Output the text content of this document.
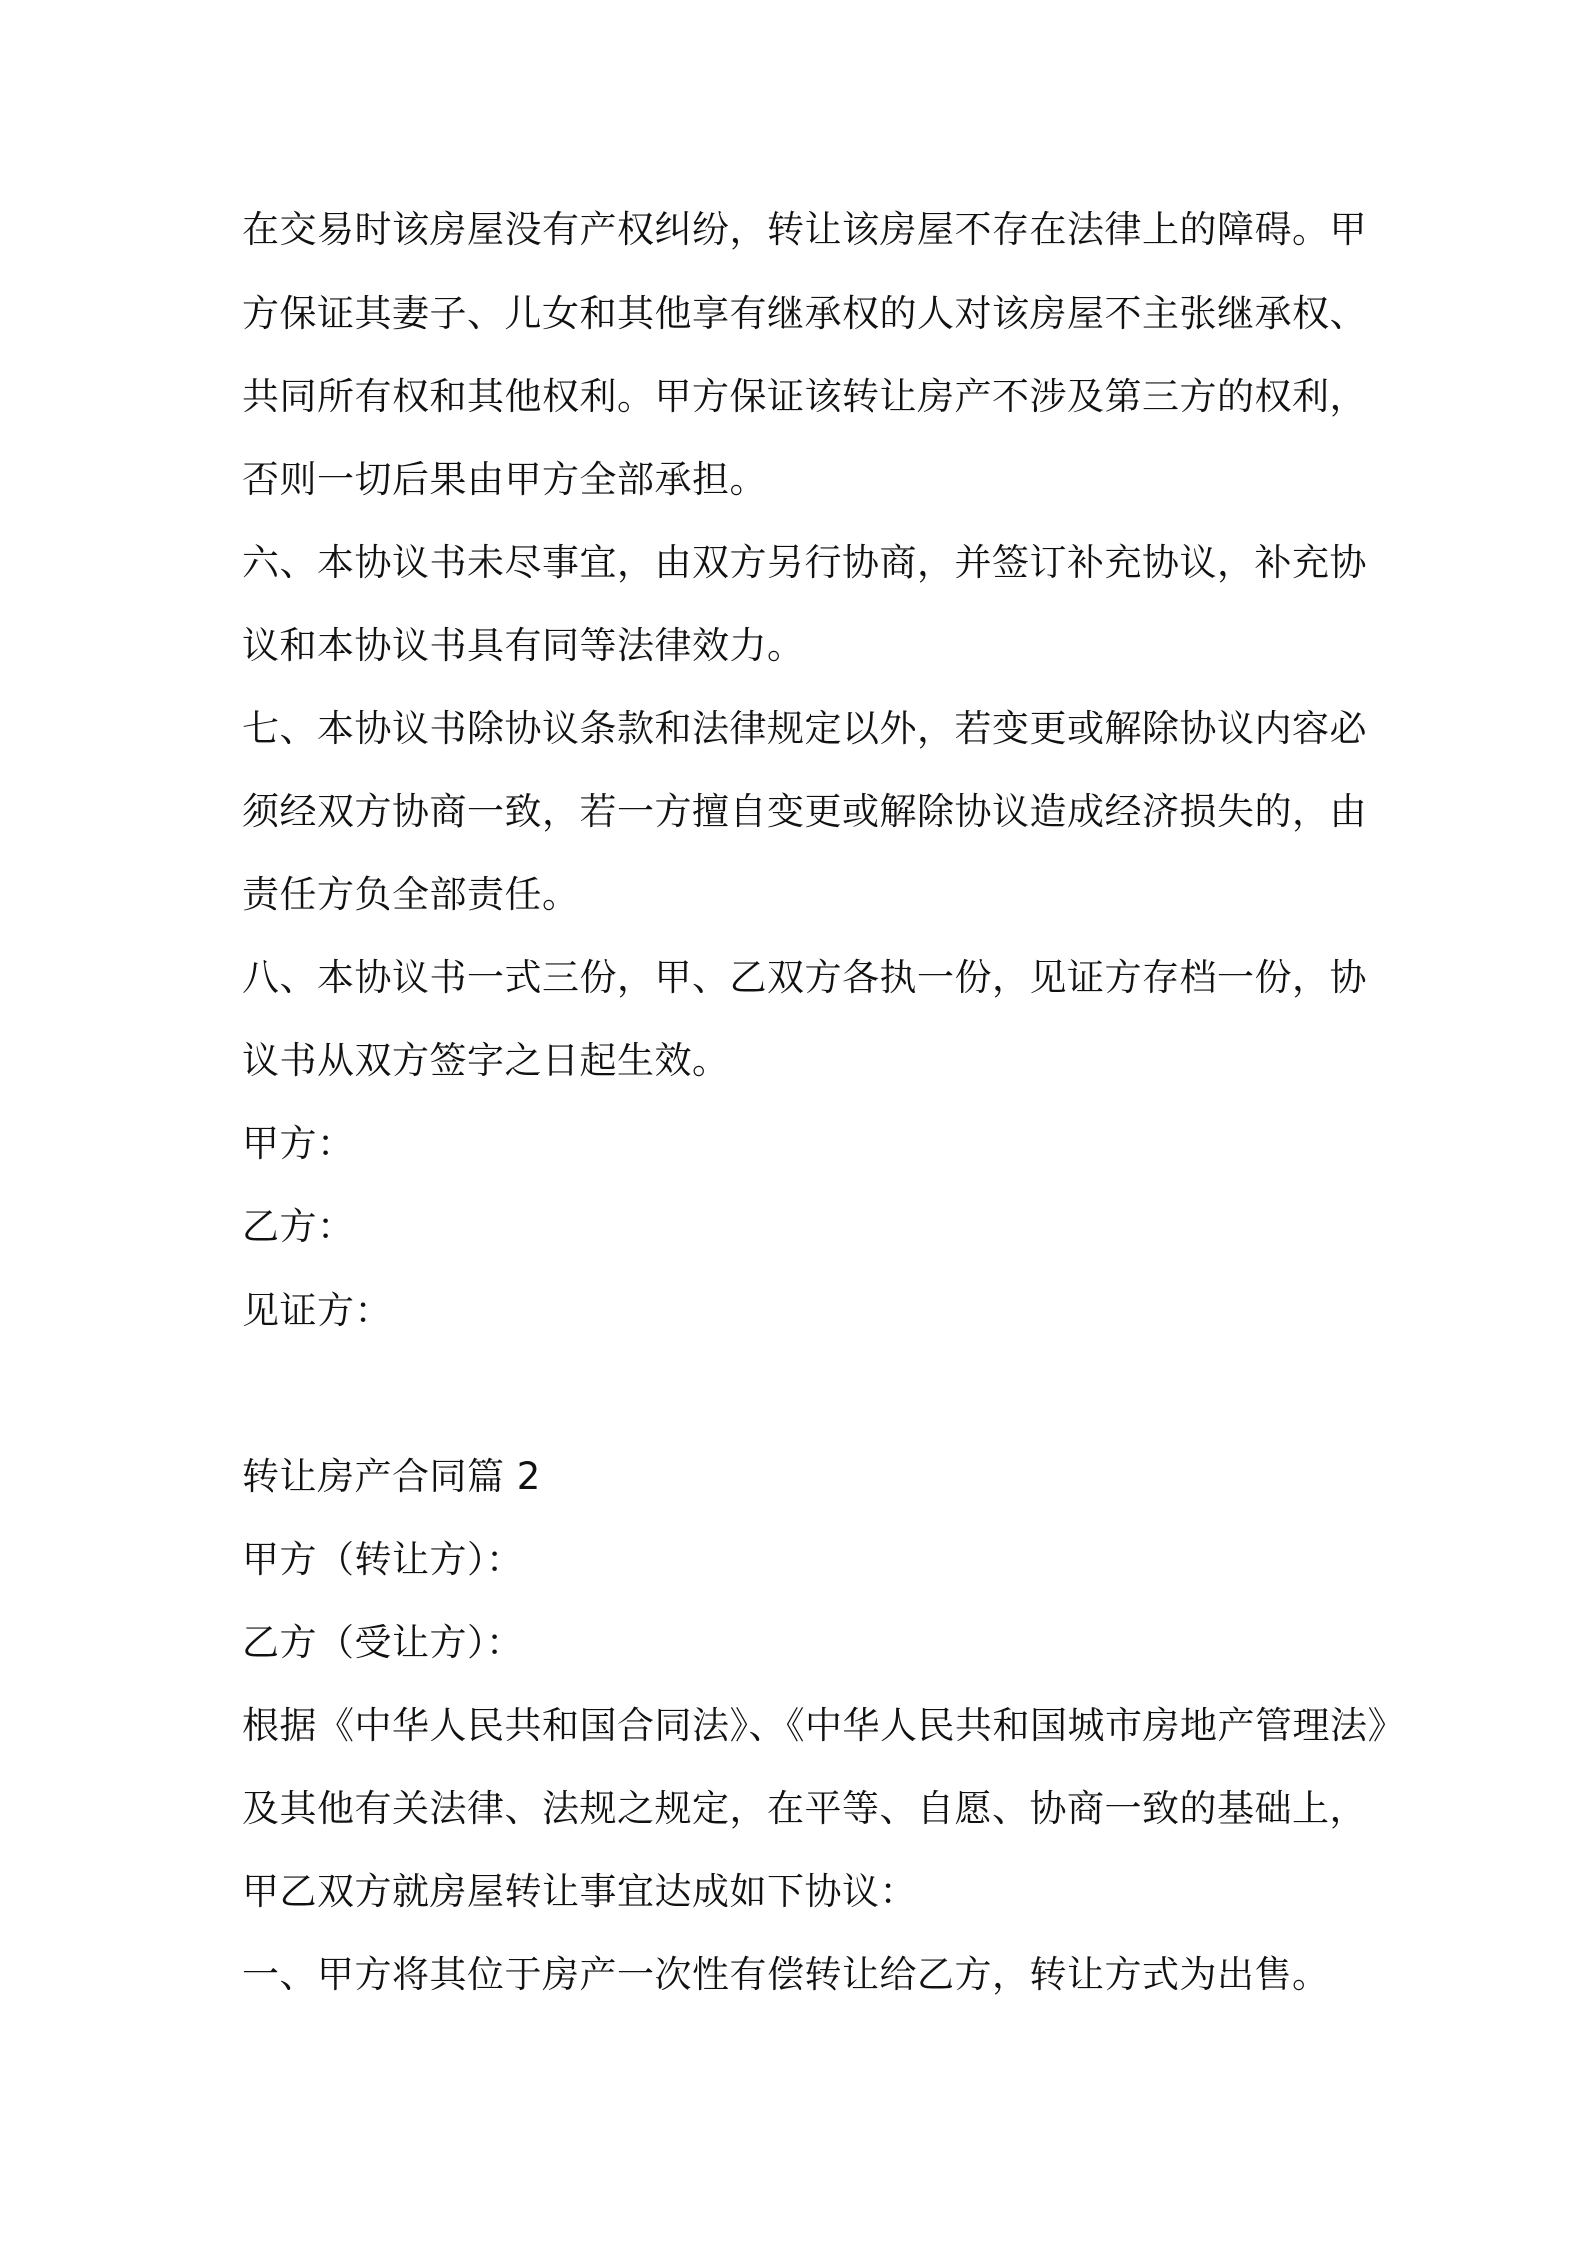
在交易时该房屋没有产权纠纷，转让该房屋不存在法律上的障碍。甲
方保证其妻子、儿女和其他享有继承权的人对该房屋不主张继承权、
共同所有权和其他权利。甲方保证该转让房产不涉及第三方的权利，
否则一切后果由甲方全部承担。
六、本协议书未尽事宜，由双方另行协商，并签订补充协议，补充协
议和本协议书具有同等法律效力。
七、本协议书除协议条款和法律规定以外，若变更或解除协议内容必
须经双方协商一致，若一方擅自变更或解除协议造成经济损失的，由
责任方负全部责任。
八、本协议书一式三份，甲、乙双方各执一份，见证方存档一份，协
议书从双方签字之日起生效。
甲方：
乙方：
见证方：
转让房产合同篇 2
甲方（转让方）：
乙方（受让方）：
根据《中华人民共和国合同法》、《中华人民共和国城市房地产管理法》
及其他有关法律、法规之规定，在平等、自愿、协商一致的基础上，
甲乙双方就房屋转让事宜达成如下协议：
一、甲方将其位于房产一次性有偿转让给乙方，转让方式为出售。
